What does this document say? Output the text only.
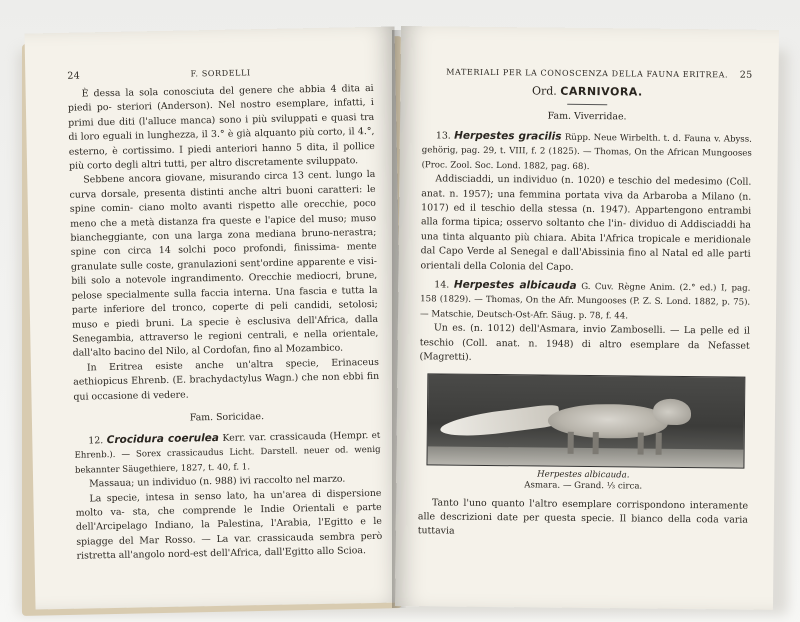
24	F. SORDELLI

È dessa la sola conosciuta del genere che abbia 4 dita ai piedi po- steriori (Anderson). Nel nostro esemplare, infatti, i primi due diti (l'alluce manca) sono i più sviluppati e quasi tra di loro eguali in lunghezza, il 3.° è già alquanto più corto, il 4.°, esterno, è cortissimo. I piedi anteriori hanno 5 dita, il pollice più corto degli altri tutti, per altro discretamente sviluppato.

Sebbene ancora giovane, misurando circa 13 cent. lungo la curva dorsale, presenta distinti anche altri buoni caratteri: le spine comin- ciano molto avanti rispetto alle orecchie, poco meno che a metà distanza fra queste e l'apice del muso; muso biancheggiante, con una larga zona mediana bruno-nerastra; spine con circa 14 solchi poco profondi, finissima- mente granulate sulle coste, granulazioni sent'ordine apparente e visi- bili solo a notevole ingrandimento. Orecchie mediocri, brune, pelose specialmente sulla faccia interna. Una fascia e tutta la parte inferiore del tronco, coperte di peli candidi, setolosi; muso e piedi bruni. La specie è esclusiva dell'Africa, dalla Senegambia, attraverso le regioni centrali, e nella orientale, dall'alto bacino del Nilo, al Cordofan, fino al Mozambico.

In Eritrea esiste anche un'altra specie, Erinaceus aethiopicus Ehrenb. (E. brachydactylus Wagn.) che non ebbi fin qui occasione di vedere.

Fam. Soricidae.

12. Crocidura coerulea Kerr. var. crassicauda (Hempr. et Ehrenb.). — Sorex crassicaudus Licht. Darstell. neuer od. wenig bekannter Säugethiere, 1827, t. 40, f. 1.

Massaua; un individuo (n. 988) ivi raccolto nel marzo.

La specie, intesa in senso lato, ha un'area di dispersione molto va- sta, che comprende le Indie Orientali e parte dell'Arcipelago Indiano, la Palestina, l'Arabia, l'Egitto e le spiagge del Mar Rosso. — La var. crassicauda sembra però ristretta all'angolo nord-est dell'Africa, dall'Egitto allo Scioa.

MATERIALI PER LA CONOSCENZA DELLA FAUNA ERITREA. 25
Ord. CARNIVORA.
Fam. Viverridae.

13. Herpestes gracilis Rüpp. Neue Wirbelth. t. d. Fauna v. Abyss. gehörig, pag. 29, t. VIII, f. 2 (1825). — Thomas, On the African Mungooses (Proc. Zool. Soc. Lond. 1882, pag. 68).

Addisciaddi, un individuo (n. 1020) e teschio del medesimo (Coll. anat. n. 1957); una femmina portata viva da Arbaroba a Milano (n. 1017) ed il teschio della stessa (n. 1947). Appartengono entrambi alla forma tipica; osservo soltanto che l'in- dividuo di Addisciaddi ha una tinta alquanto più chiara. Abita l'Africa tropicale e meridionale dal Capo Verde al Senegal e dall'Abissinia fino al Natal ed alle parti orientali della Colonia del Capo.

14. Herpestes albicauda G. Cuv. Règne Anim. (2.° ed.) I, pag. 158 (1829). — Thomas, On the Afr. Mungooses (P. Z. S. Lond. 1882, p. 75). — Matschie, Deutsch-Ost-Afr. Säug. p. 78, f. 44.

Un es. (n. 1012) dell'Asmara, invio Zamboselli. — La pelle ed il teschio (Coll. anat. n. 1948) di altro esemplare da Nefasset (Magretti).

Herpestes albicauda.
Asmara. — Grand. ⅓ circa.

Tanto l'uno quanto l'altro esemplare corrispondono interamente alle descrizioni date per questa specie. Il bianco della coda varia tuttavia
